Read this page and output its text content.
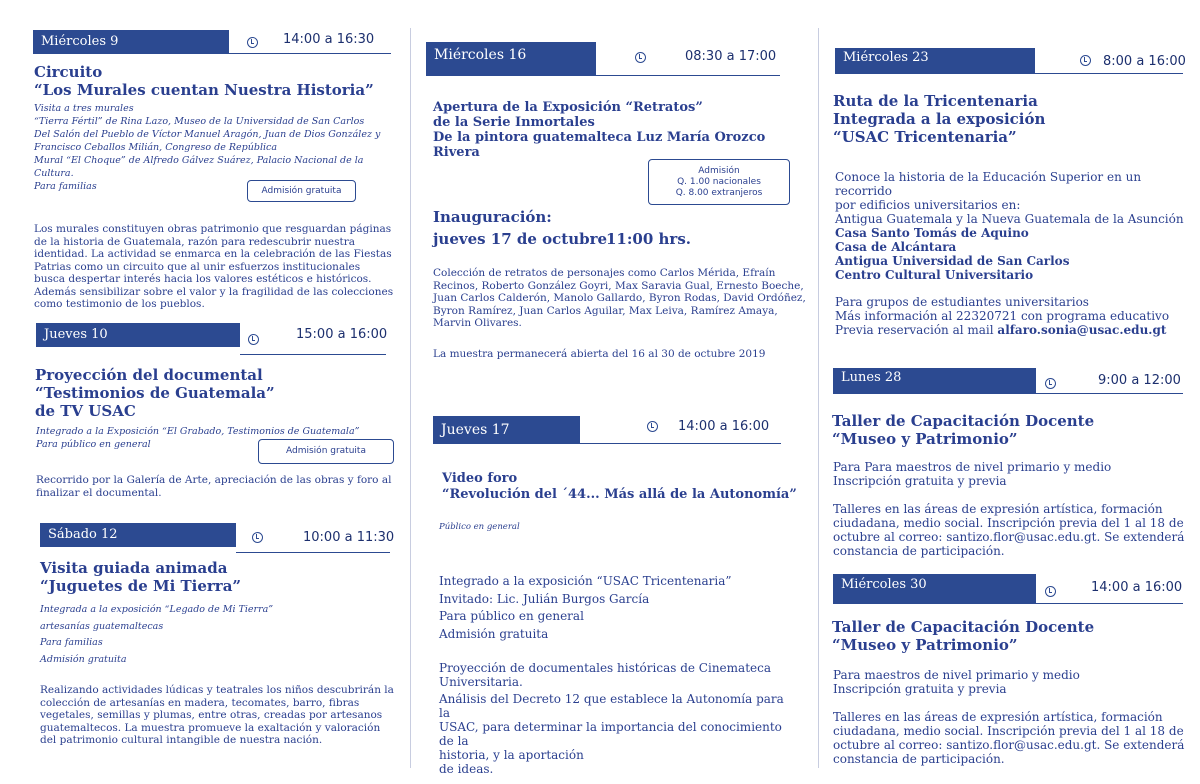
Miércoles 9	14:00 a 16:30
Circuito
“Los Murales cuentan Nuestra Historia”
Visita a tres murales
“Tierra Fértil” de Rina Lazo, Museo de la Universidad de San Carlos
Del Salón del Pueblo de Víctor Manuel Aragón, Juan de Dios González y
Francisco Ceballos Milián, Congreso de República
Mural “El Choque” de Alfredo Gálvez Suárez, Palacio Nacional de la
Cultura.
Para familias	Admisión gratuita
Los murales constituyen obras patrimonio que resguardan páginas
de la historia de Guatemala, razón para redescubrir nuestra
identidad. La actividad se enmarca en la celebración de las Fiestas
Patrias como un circuito que al unir esfuerzos institucionales
busca despertar interés hacia los valores estéticos e históricos.
Además sensibilizar sobre el valor y la fragilidad de las colecciones
como testimonio de los pueblos.
Jueves 10	15:00 a 16:00
Proyección del documental
“Testimonios de Guatemala”
de TV USAC
Integrado a la Exposición “El Grabado, Testimonios de Guatemala”
Para público en general
Admisión gratuita
Recorrido por la Galería de Arte, apreciación de las obras y foro al
finalizar el documental.
Sábado 12	10:00 a 11:30
Visita guiada animada
“Juguetes de Mi Tierra”
Integrada a la exposición “Legado de Mi Tierra”
artesanías guatemaltecas
Para familias
Admisión gratuita
Realizando actividades lúdicas y teatrales los niños descubrirán la
colección de artesanías en madera, tecomates, barro, fibras
vegetales, semillas y plumas, entre otras, creadas por artesanos
guatemaltecos. La muestra promueve la exaltación y valoración
del patrimonio cultural intangible de nuestra nación.
Miércoles 16	08:30 a 17:00
Apertura de la Exposición “Retratos”
de la Serie Inmortales
De la pintora guatemalteca Luz María Orozco Rivera
Admisión
Q. 1.00 nacionales
Q. 8.00 extranjeros
Inauguración:
jueves 17 de octubre
11:00 hrs.
Colección de retratos de personajes como Carlos Mérida, Efraín
Recinos, Roberto González Goyri, Max Saravia Gual, Ernesto Boeche,
Juan Carlos Calderón, Manolo Gallardo, Byron Rodas, David Ordóñez,
Byron Ramírez, Juan Carlos Aguilar, Max Leiva, Ramírez Amaya,
Marvin Olivares.
La muestra permanecerá abierta del 16 al 30 de octubre 2019
Jueves 17	14:00 a 16:00
Video foro
“Revolución del ´44... Más allá de la Autonomía”
Público en general
Integrado a la exposición “USAC Tricentenaria”
Invitado: Lic. Julián Burgos García
Para público en general
Admisión gratuita
Proyección de documentales históricas de Cinemateca
Universitaria.
Análisis del Decreto 12 que establece la Autonomía para la
USAC, para determinar la importancia del conocimiento de la
historia, y la aportación
de ideas.
Miércoles 23	8:00 a 16:00
Ruta de la Tricentenaria
Integrada a la exposición
“USAC Tricentenaria”
Conoce la historia de la Educación Superior en un recorrido
por edificios universitarios en:
Antigua Guatemala y la Nueva Guatemala de la Asunción
Casa Santo Tomás de Aquino
Casa de Alcántara
Antigua Universidad de San Carlos
Centro Cultural Universitario
Para grupos de estudiantes universitarios
Más información al 22320721 con programa educativo
Previa reservación al mail alfaro.sonia@usac.edu.gt
Lunes 28	9:00 a 12:00
Taller de Capacitación Docente
“Museo y Patrimonio”
Para Para maestros de nivel primario y medio
Inscripción gratuita y previa
Talleres en las áreas de expresión artística, formación
ciudadana, medio social. Inscripción previa del 1 al 18 de
octubre al correo: santizo.flor@usac.edu.gt. Se extenderá
constancia de participación.
Miércoles 30	14:00 a 16:00
Taller de Capacitación Docente
“Museo y Patrimonio”
Para maestros de nivel primario y medio
Inscripción gratuita y previa
Talleres en las áreas de expresión artística, formación
ciudadana, medio social. Inscripción previa del 1 al 18 de
octubre al correo: santizo.flor@usac.edu.gt. Se extenderá
constancia de participación.
